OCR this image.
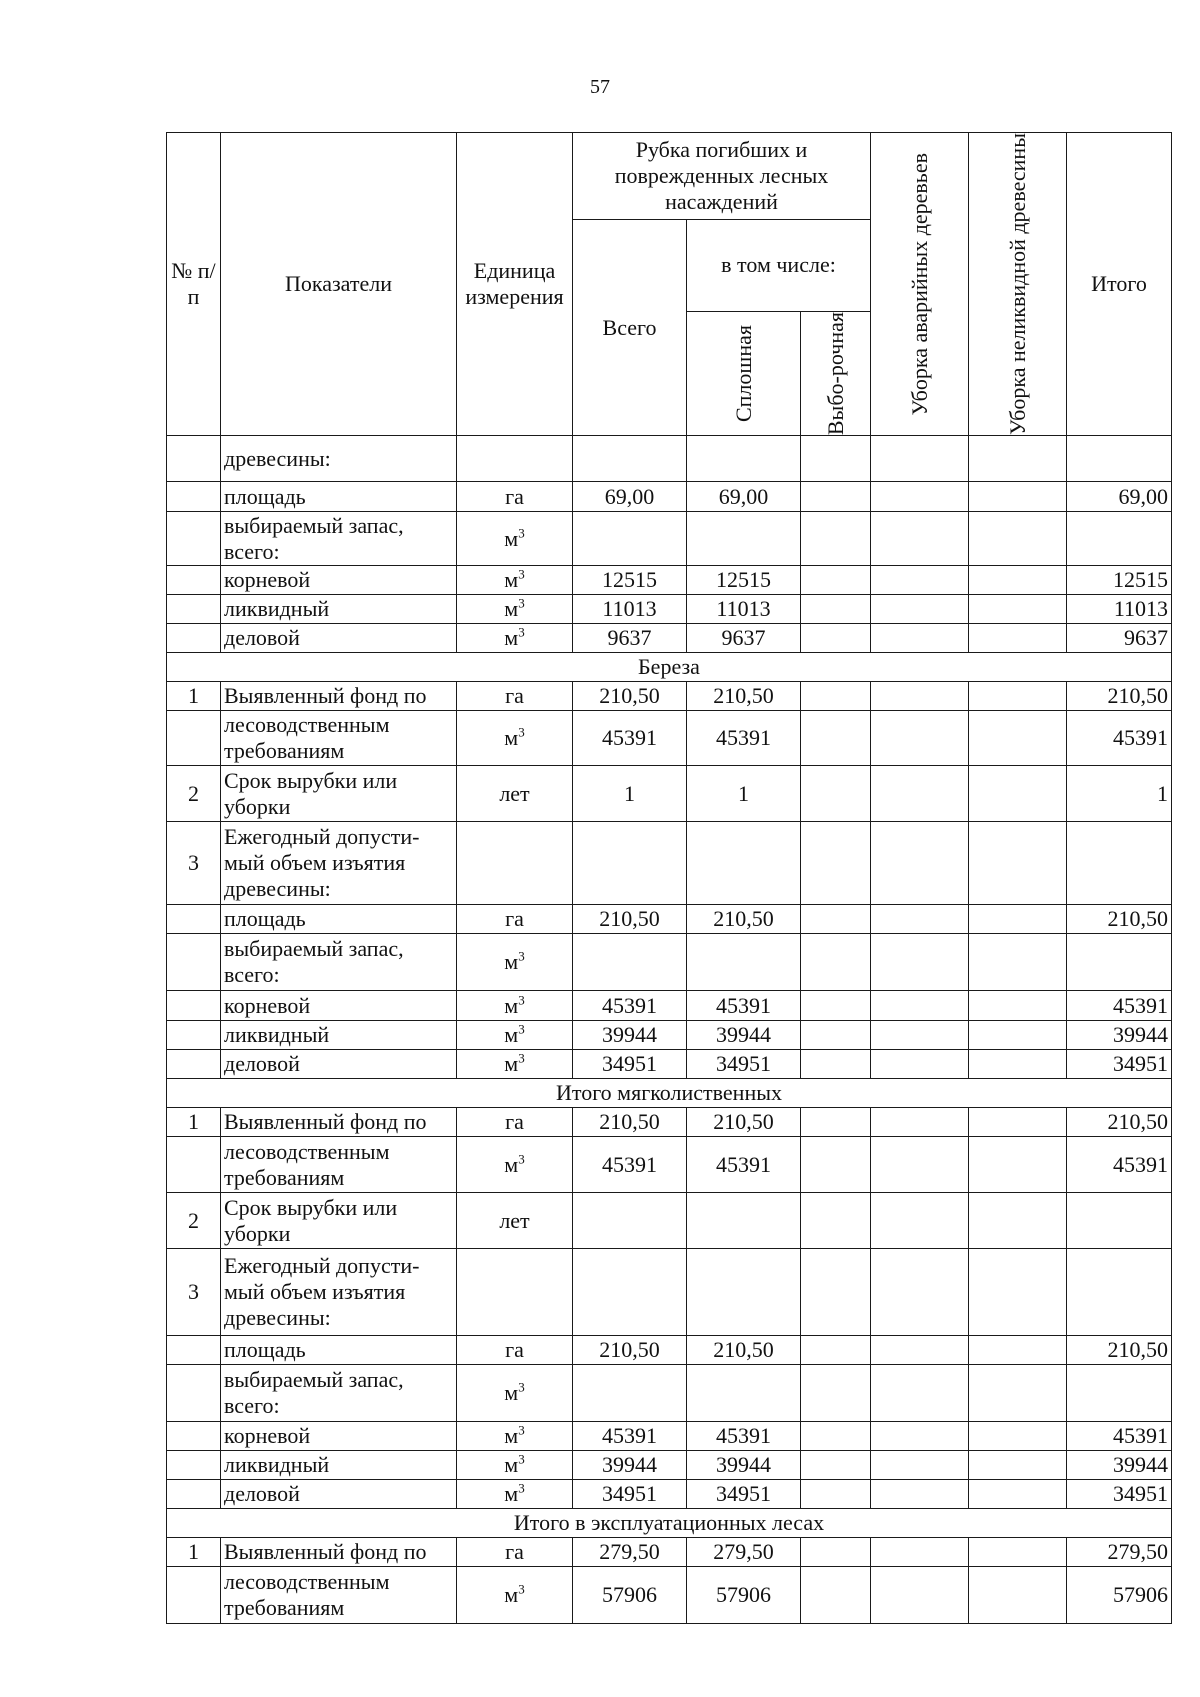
57
№ п/п	Показатели	Единица измерения	Рубка погибших и поврежденных лесных насаждений			Уборка аварийных деревьев	Уборка неликвидной древесины	Итого
			Всего	в том числе:				

				Сплошная	Выбо-рочная			

	древесины:							
	площадь	га	69,00	69,00				69,00
	выбираемый запас, всего:	$м^3$						
	корневой	$м^3$	12515	12515				12515
	ликвидный	$м^3$	11013	11013				11013
	деловой	$м^3$	9637	9637				9637
Береза								
1	Выявленный фонд по	га	210,50	210,50				210,50
	лесоводственным требованиям	$м^3$	45391	45391				45391
2	Срок вырубки или уборки	лет	1	1				1
3	Ежегодный допусти-мый объем изъятия древесины:							
	площадь	га	210,50	210,50				210,50
	выбираемый запас, всего:	$м^3$						
	корневой	$м^3$	45391	45391				45391
	ликвидный	$м^3$	39944	39944				39944
	деловой	$м^3$	34951	34951				34951
Итого мягколиственных								
1	Выявленный фонд по	га	210,50	210,50				210,50
	лесоводственным требованиям	$м^3$	45391	45391				45391
2	Срок вырубки или уборки	лет						
3	Ежегодный допусти-мый объем изъятия древесины:							
	площадь	га	210,50	210,50				210,50
	выбираемый запас, всего:	$м^3$						
	корневой	$м^3$	45391	45391				45391
	ликвидный	$м^3$	39944	39944				39944
	деловой	$м^3$	34951	34951				34951
Итого в эксплуатационных лесах								
1	Выявленный фонд по	га	279,50	279,50				279,50
	лесоводственным требованиям	$м^3$	57906	57906				57906
